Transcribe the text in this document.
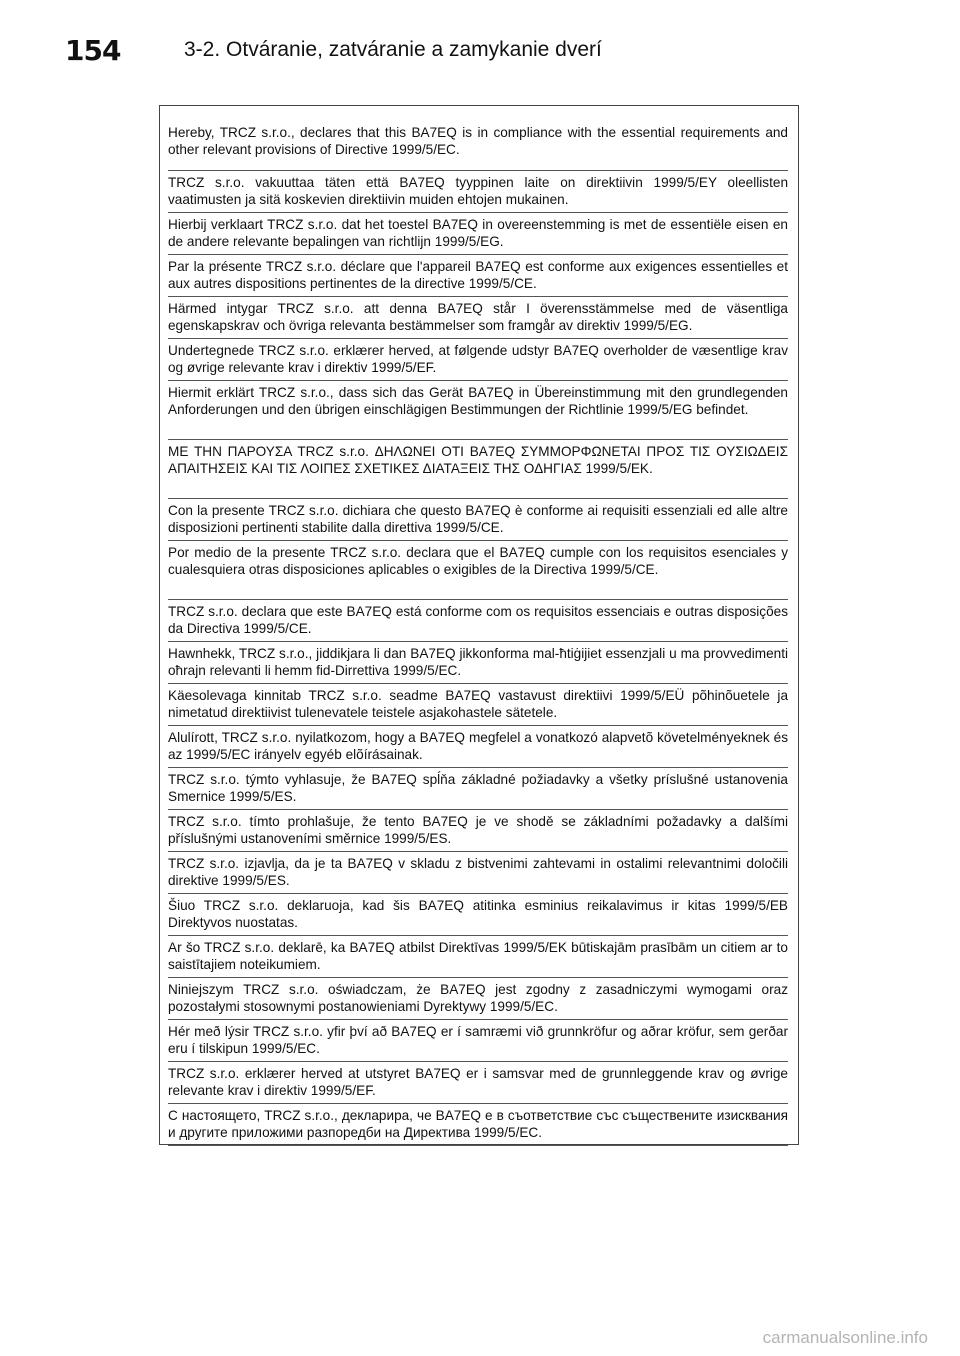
154	3-2. Otváranie, zatváranie a zamykanie dverí
Hereby, TRCZ s.r.o., declares that this BA7EQ is in compliance with the essential requirements and other relevant provisions of Directive 1999/5/EC.
TRCZ s.r.o. vakuuttaa täten että BA7EQ tyyppinen laite on direktiivin 1999/5/EY oleellisten vaatimusten ja sitä koskevien direktiivin muiden ehtojen mukainen.
Hierbij verklaart TRCZ s.r.o. dat het toestel BA7EQ in overeenstemming is met de essentiële eisen en de andere relevante bepalingen van richtlijn 1999/5/EG.
Par la présente TRCZ s.r.o. déclare que l'appareil BA7EQ est conforme aux exigences essentielles et aux autres dispositions pertinentes de la directive 1999/5/CE.
Härmed intygar TRCZ s.r.o. att denna BA7EQ står I överensstämmelse med de väsentliga egenskapskrav och övriga relevanta bestämmelser som framgår av direktiv 1999/5/EG.
Undertegnede TRCZ s.r.o. erklærer herved, at følgende udstyr BA7EQ overholder de væsentlige krav og øvrige relevante krav i direktiv 1999/5/EF.
Hiermit erklärt TRCZ s.r.o., dass sich das Gerät BA7EQ in Übereinstimmung mit den grundlegenden Anforderungen und den übrigen einschlägigen Bestimmungen der Richtlinie 1999/5/EG befindet.
ΜΕ ΤΗΝ ΠΑΡΟΥΣΑ TRCZ s.r.o. ΔΗΛΩΝΕΙ ΟΤΙ BA7EQ ΣΥΜΜΟΡΦΩΝΕΤΑΙ ΠΡΟΣ ΤΙΣ ΟΥΣΙΩΔΕΙΣ ΑΠΑΙΤΗΣΕΙΣ ΚΑΙ ΤΙΣ ΛΟΙΠΕΣ ΣΧΕΤΙΚΕΣ ΔΙΑΤΑΞΕΙΣ ΤΗΣ ΟΔΗΓΙΑΣ 1999/5/ΕΚ.
Con la presente TRCZ s.r.o. dichiara che questo BA7EQ è conforme ai requisiti essenziali ed alle altre disposizioni pertinenti stabilite dalla direttiva 1999/5/CE.
Por medio de la presente TRCZ s.r.o. declara que el BA7EQ cumple con los requisitos esenciales y cualesquiera otras disposiciones aplicables o exigibles de la Directiva 1999/5/CE.
TRCZ s.r.o. declara que este BA7EQ está conforme com os requisitos essenciais e outras disposições da Directiva 1999/5/CE.
Hawnhekk, TRCZ s.r.o., jiddikjara li dan BA7EQ jikkonforma mal-ħtiġijiet essenzjali u ma provvedimenti oħrajn relevanti li hemm fid-Dirrettiva 1999/5/EC.
Käesolevaga kinnitab TRCZ s.r.o. seadme BA7EQ vastavust direktiivi 1999/5/EÜ põhinõuetele ja nimetatud direktiivist tulenevatele teistele asjakohastele sätetele.
Alulírott, TRCZ s.r.o. nyilatkozom, hogy a BA7EQ megfelel a vonatkozó alapvetõ követelményeknek és az 1999/5/EC irányelv egyéb elõírásainak.
TRCZ s.r.o. týmto vyhlasuje, že BA7EQ spĺňa základné požiadavky a všetky príslušné ustanovenia Smernice 1999/5/ES.
TRCZ s.r.o. tímto prohlašuje, že tento BA7EQ je ve shodě se základními požadavky a dalšími příslušnými ustanoveními směrnice 1999/5/ES.
TRCZ s.r.o. izjavlja, da je ta BA7EQ v skladu z bistvenimi zahtevami in ostalimi relevantnimi določili direktive 1999/5/ES.
Šiuo TRCZ s.r.o. deklaruoja, kad šis BA7EQ atitinka esminius reikalavimus ir kitas 1999/5/EB Direktyvos nuostatas.
Ar šo TRCZ s.r.o. deklarē, ka BA7EQ atbilst Direktīvas 1999/5/EK būtiskajām prasībām un citiem ar to saistītajiem noteikumiem.
Niniejszym TRCZ s.r.o. oświadczam, że BA7EQ jest zgodny z zasadniczymi wymogami oraz pozostałymi stosownymi postanowieniami Dyrektywy 1999/5/EC.
Hér með lýsir TRCZ s.r.o. yfir því að BA7EQ er í samræmi við grunnkröfur og aðrar kröfur, sem gerðar eru í tilskipun 1999/5/EC.
TRCZ s.r.o. erklærer herved at utstyret BA7EQ er i samsvar med de grunnleggende krav og øvrige relevante krav i direktiv 1999/5/EF.
С настоящето, TRCZ s.r.o., декларира, че BA7EQ е в съответствие със съществените изисквания и другите приложими разпоредби на Директива 1999/5/ЕС.
carmanualsonline.info
